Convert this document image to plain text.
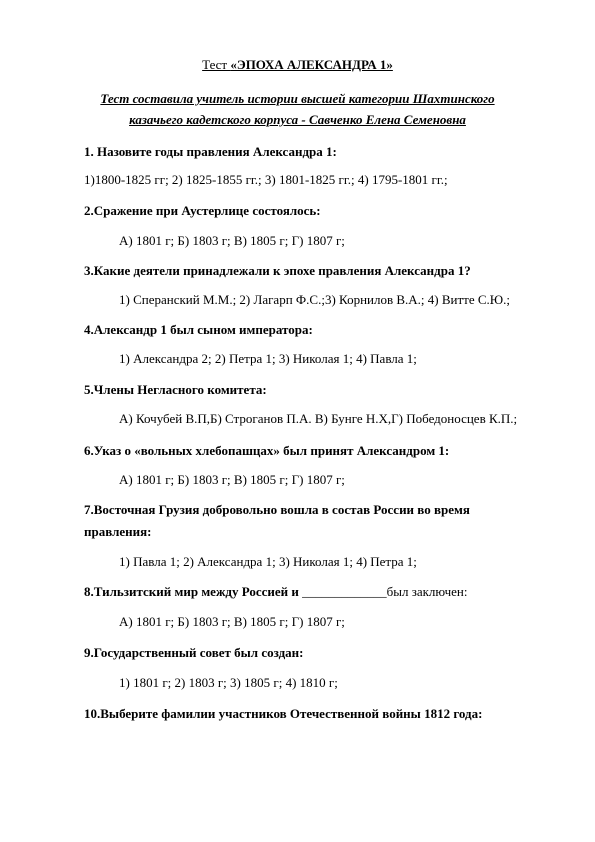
Тест «ЭПОХА АЛЕКСАНДРА 1»
Тест составила учитель истории высшей категории Шахтинского
казачьего кадетского корпуса - Савченко Елена Семеновна
1. Назовите годы правления Александра 1:
1)1800-1825 гг; 2) 1825-1855 гг.; 3) 1801-1825 гг.; 4) 1795-1801 гг.;
2.Сражение при Аустерлице состоялось:
А) 1801 г; Б) 1803 г; В) 1805 г; Г) 1807 г;
3.Какие деятели принадлежали к эпохе правления Александра 1?
1) Сперанский М.М.; 2) Лагарп Ф.С.;3) Корнилов В.А.; 4) Витте С.Ю.;
4.Александр 1 был сыном императора:
1) Александра 2; 2) Петра 1; 3) Николая 1; 4) Павла 1;
5.Члены Негласного комитета:
А) Кочубей В.П,Б) Строганов П.А. В) Бунге Н.Х,Г) Победоносцев К.П.;
6.Указ о «вольных хлебопашцах» был принят Александром 1:
А) 1801 г; Б) 1803 г; В) 1805 г; Г) 1807 г;
7.Восточная Грузия добровольно вошла в состав России во время
правления:
1) Павла 1; 2) Александра 1; 3) Николая 1; 4) Петра 1;
8.Тильзитский мир между Россией и _____________был заключен:
А) 1801 г; Б) 1803 г; В) 1805 г; Г) 1807 г;
9.Государственный совет был создан:
1) 1801 г; 2) 1803 г; 3) 1805 г; 4) 1810 г;
10.Выберите фамилии участников Отечественной войны 1812 года:
